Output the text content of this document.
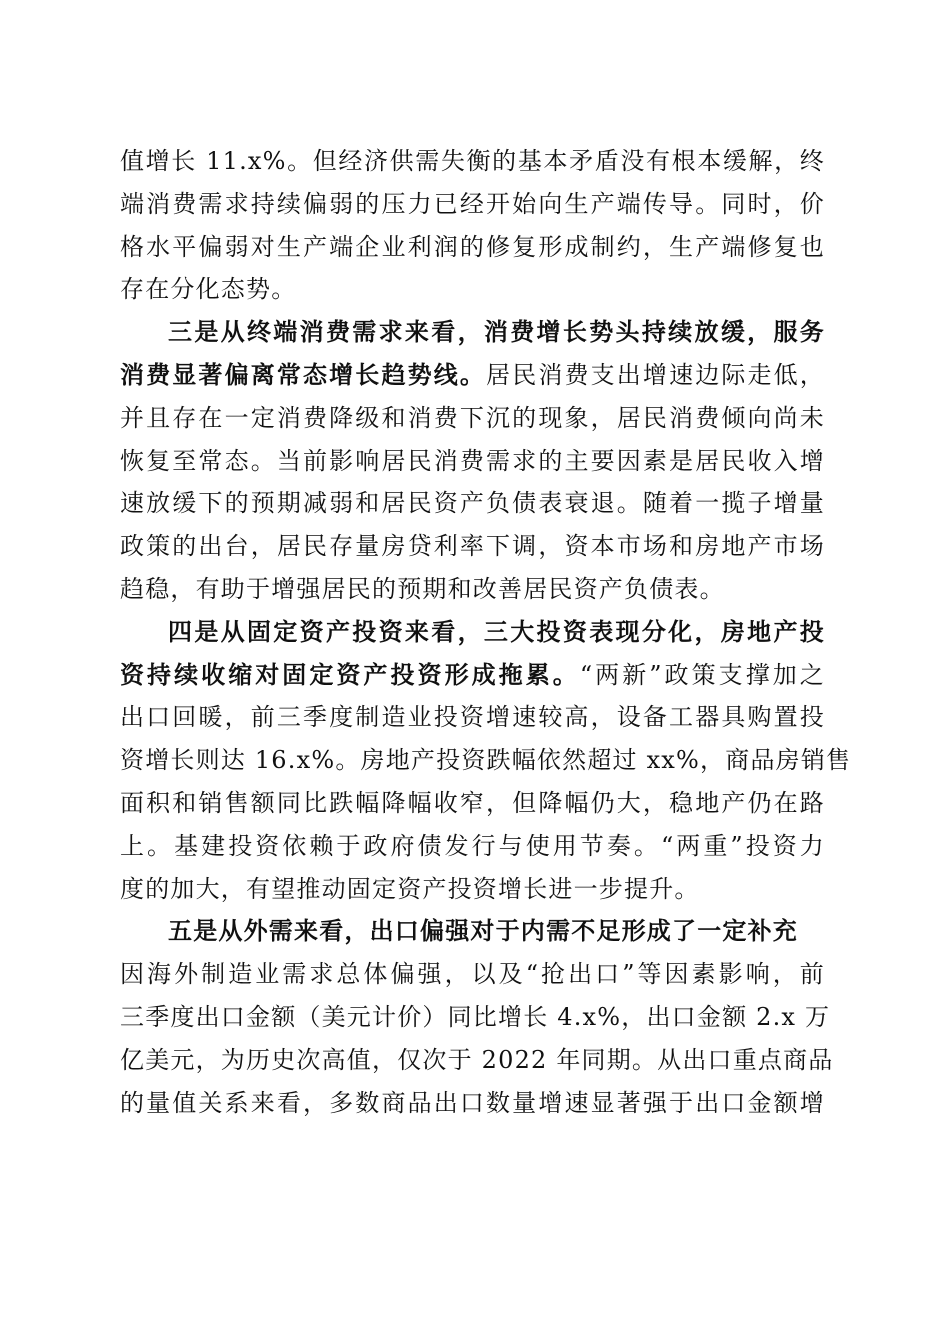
值增长 11.x%。但经济供需失衡的基本矛盾没有根本缓解，终
端消费需求持续偏弱的压力已经开始向生产端传导。同时，价
格水平偏弱对生产端企业利润的修复形成制约，生产端修复也
存在分化态势。
三是从终端消费需求来看，消费增长势头持续放缓，服务
消费显著偏离常态增长趋势线。居民消费支出增速边际走低，
并且存在一定消费降级和消费下沉的现象，居民消费倾向尚未
恢复至常态。当前影响居民消费需求的主要因素是居民收入增
速放缓下的预期减弱和居民资产负债表衰退。随着一揽子增量
政策的出台，居民存量房贷利率下调，资本市场和房地产市场
趋稳，有助于增强居民的预期和改善居民资产负债表。
四是从固定资产投资来看，三大投资表现分化，房地产投
资持续收缩对固定资产投资形成拖累。“两新”政策支撑加之
出口回暖，前三季度制造业投资增速较高，设备工器具购置投
资增长则达 16.x%。房地产投资跌幅依然超过 xx%，商品房销售
面积和销售额同比跌幅降幅收窄，但降幅仍大，稳地产仍在路
上。基建投资依赖于政府债发行与使用节奏。“两重”投资力
度的加大，有望推动固定资产投资增长进一步提升。
五是从外需来看，出口偏强对于内需不足形成了一定补充
因海外制造业需求总体偏强，以及“抢出口”等因素影响，前
三季度出口金额（美元计价）同比增长 4.x%，出口金额 2.x 万
亿美元，为历史次高值，仅次于 2022 年同期。从出口重点商品
的量值关系来看，多数商品出口数量增速显著强于出口金额增
